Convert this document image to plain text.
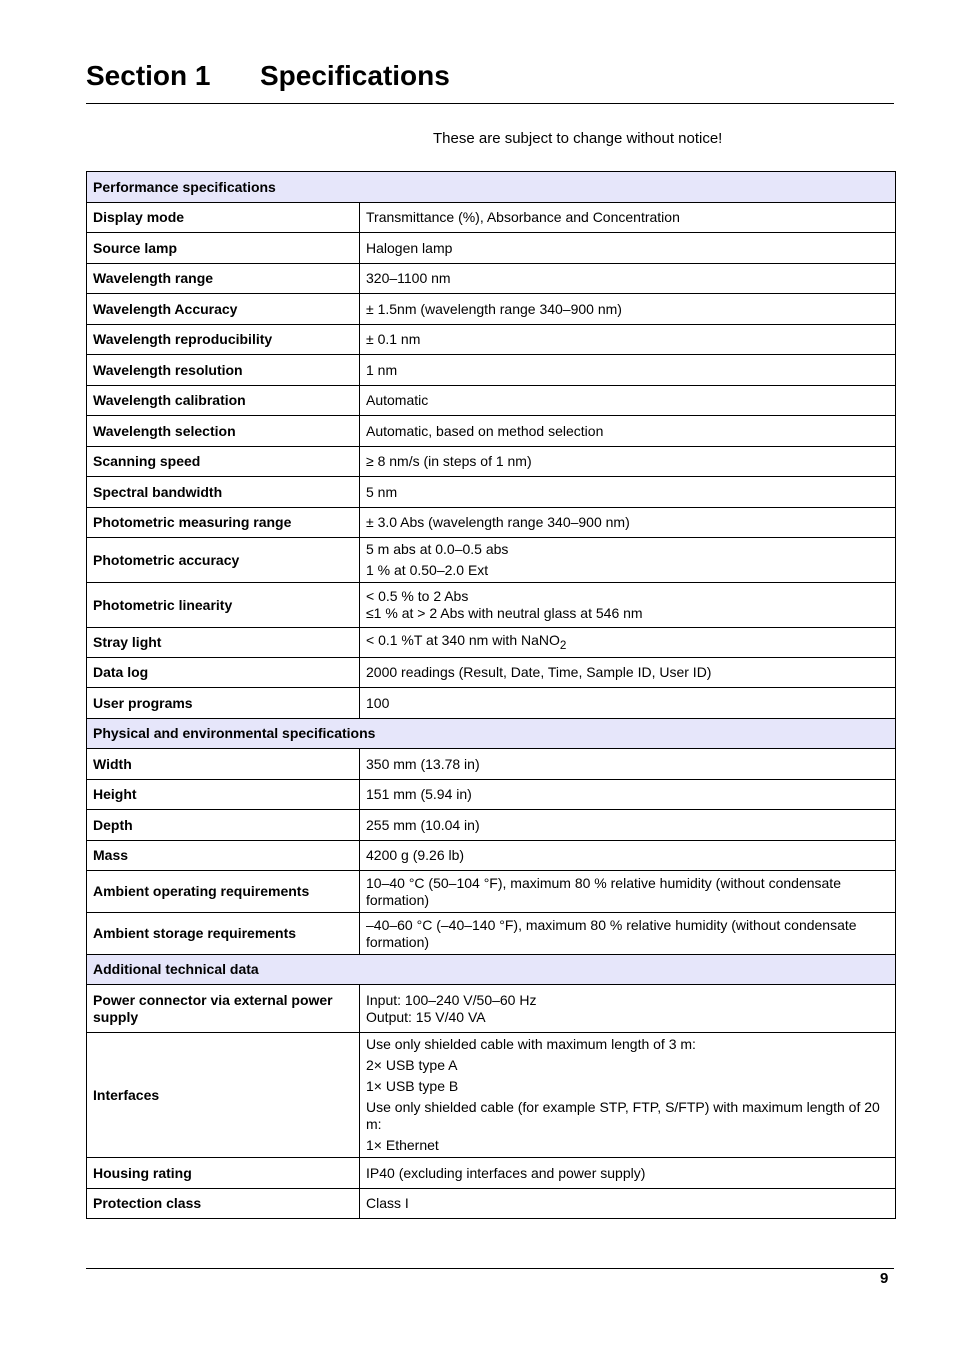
Section 1 Specifications
These are subject to change without notice!
Performance specifications	
Display mode	Transmittance (%), Absorbance and Concentration

Source lamp	Halogen lamp

Wavelength range	320–1100 nm

Wavelength Accuracy	± 1.5nm (wavelength range 340–900 nm)

Wavelength reproducibility	± 0.1 nm

Wavelength resolution	1 nm

Wavelength calibration	Automatic

Wavelength selection	Automatic, based on method selection

Scanning speed	≥ 8 nm/s (in steps of 1 nm)

Spectral bandwidth	5 nm

Photometric measuring range	± 3.0 Abs (wavelength range 340–900 nm)

Photometric accuracy	5 m abs at 0.0–0.5 abs
1 % at 0.50–2.0 Ext

Photometric linearity	< 0.5 % to 2 Abs
≤1 % at > 2 Abs with neutral glass at 546 nm

Stray light	< 0.1 %T at 340 nm with NaNO$_2$
Data log	2000 readings (Result, Date, Time, Sample ID, User ID)

User programs	100

Physical and environmental specifications	
Width	350 mm (13.78 in)

Height	151 mm (5.94 in)

Depth	255 mm (10.04 in)

Mass	4200 g (9.26 lb)

Ambient operating requirements	10–40 °C (50–104 °F), maximum 80 % relative humidity (without condensate formation)

Ambient storage requirements	–40–60 °C (–40–140 °F), maximum 80 % relative humidity (without condensate formation)

Additional technical data	
Power connector via external power supply	Input: 100–240 V/50–60 Hz
Output: 15 V/40 VA

Interfaces	Use only shielded cable with maximum length of 3 m:
2× USB type A
1× USB type B
Use only shielded cable (for example STP, FTP, S/FTP) with maximum length of 20 m:
1× Ethernet

Housing rating	IP40 (excluding interfaces and power supply)

Protection class	Class I
9
